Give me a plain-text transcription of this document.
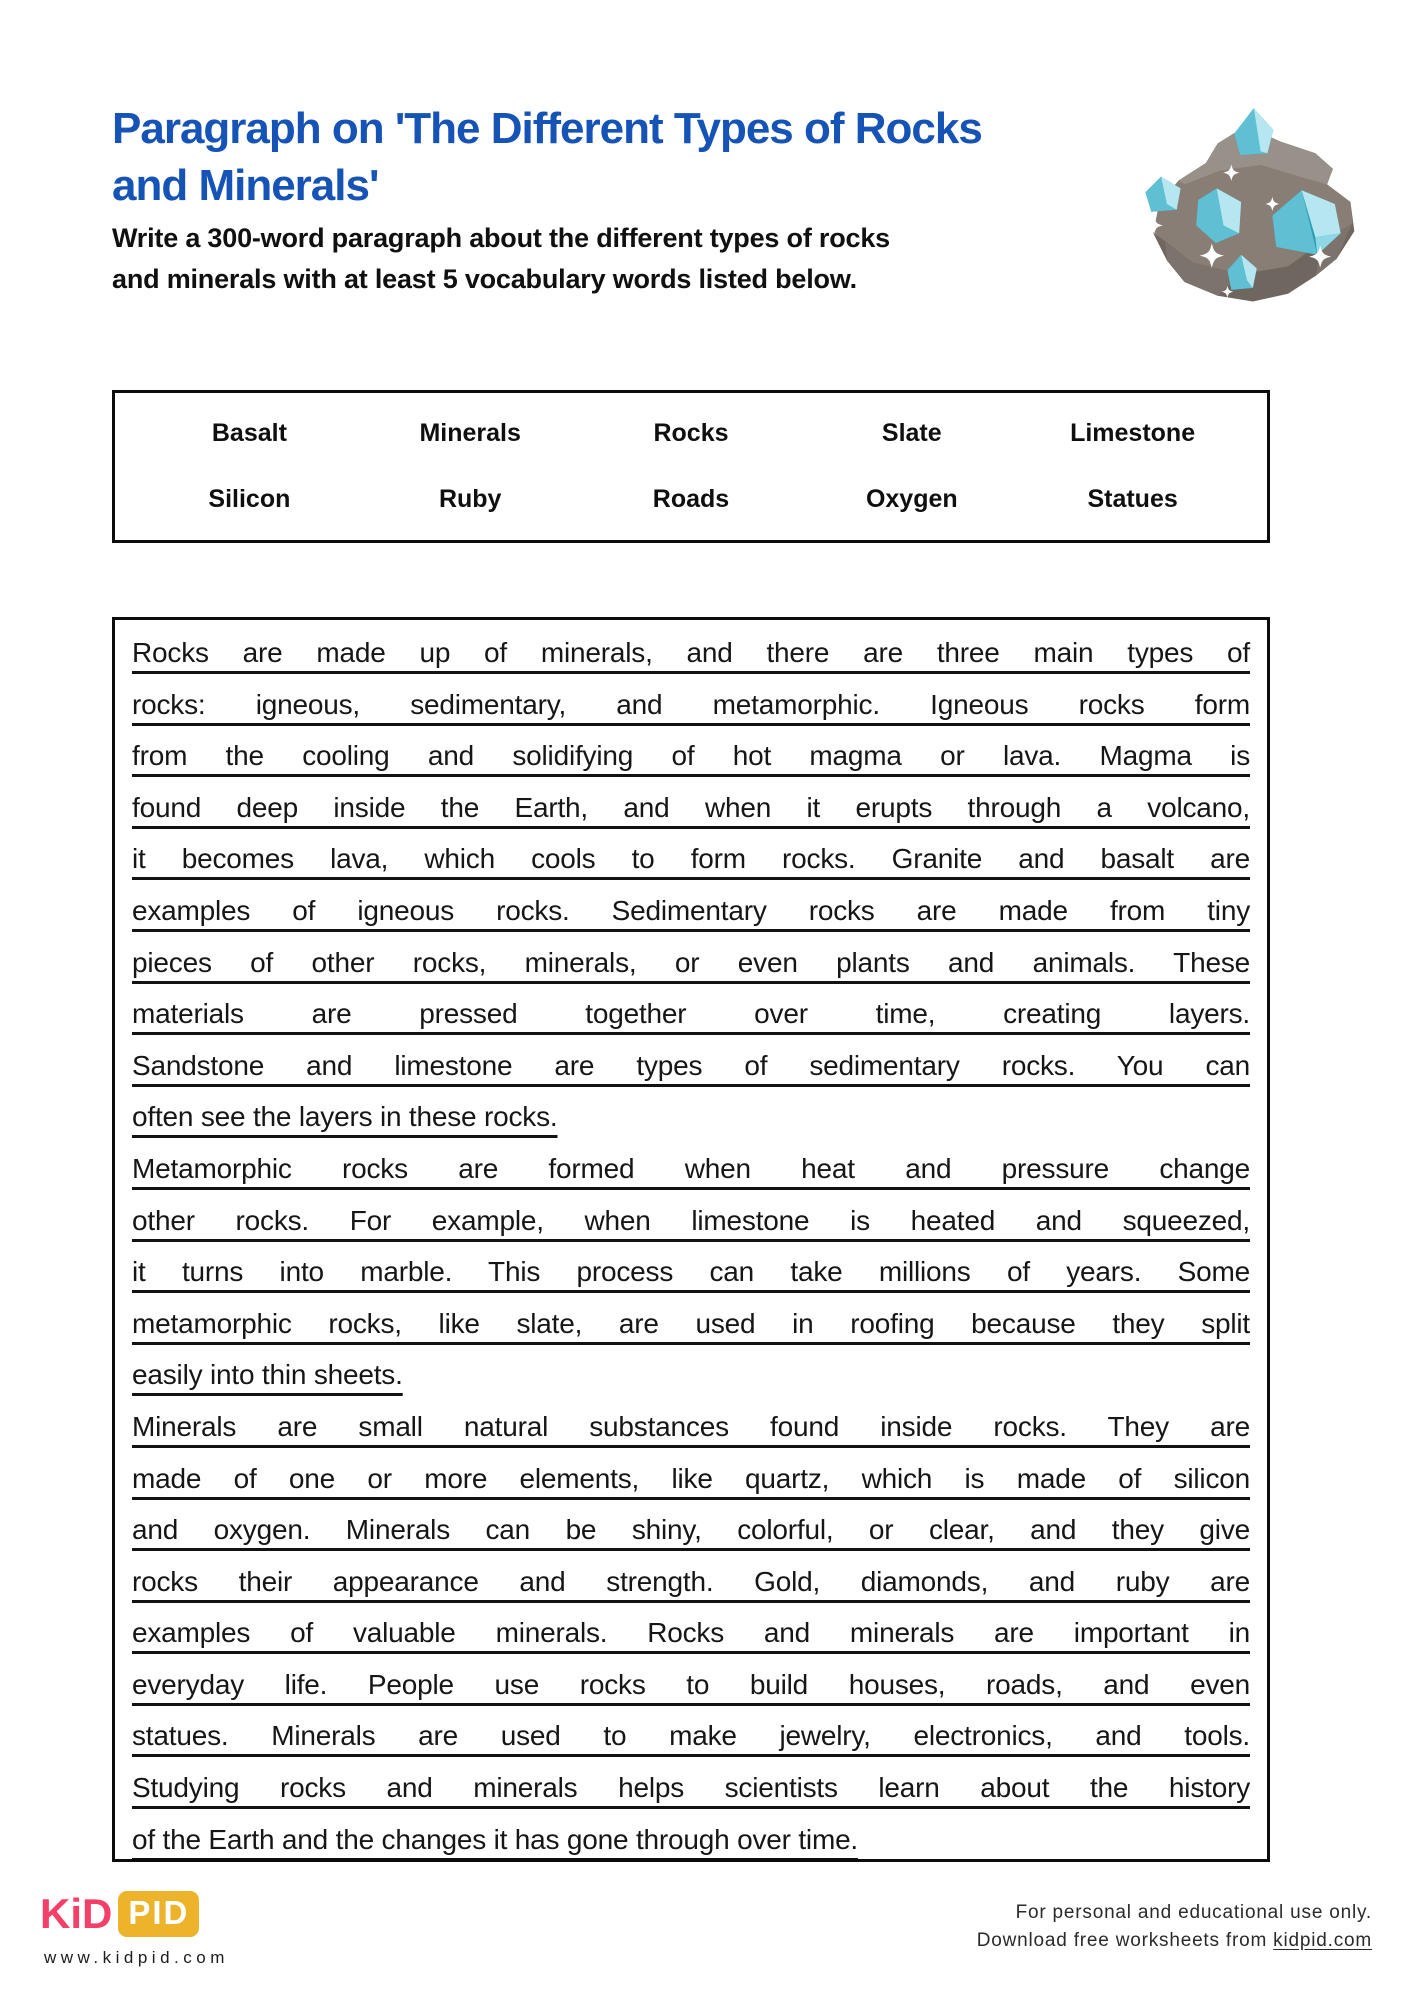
Paragraph on 'The Different Types of Rocks
and Minerals'
Write a 300-word paragraph about the different types of rocks
and minerals with at least 5 vocabulary words listed below.
Basalt	Minerals	Rocks	Slate	Limestone
Silicon	Ruby	Roads	Oxygen	Statues
Rocks are made up of minerals, and there are three main types of
rocks: igneous, sedimentary, and metamorphic. Igneous rocks form
from the cooling and solidifying of hot magma or lava. Magma is
found deep inside the Earth, and when it erupts through a volcano,
it becomes lava, which cools to form rocks. Granite and basalt are
examples of igneous rocks. Sedimentary rocks are made from tiny
pieces of other rocks, minerals, or even plants and animals. These
materials are pressed together over time, creating layers.
Sandstone and limestone are types of sedimentary rocks. You can
often see the layers in these rocks.
Metamorphic rocks are formed when heat and pressure change
other rocks. For example, when limestone is heated and squeezed,
it turns into marble. This process can take millions of years. Some
metamorphic rocks, like slate, are used in roofing because they split
easily into thin sheets.
Minerals are small natural substances found inside rocks. They are
made of one or more elements, like quartz, which is made of silicon
and oxygen. Minerals can be shiny, colorful, or clear, and they give
rocks their appearance and strength. Gold, diamonds, and ruby are
examples of valuable minerals. Rocks and minerals are important in
everyday life. People use rocks to build houses, roads, and even
statues. Minerals are used to make jewelry, electronics, and tools.
Studying rocks and minerals helps scientists learn about the history
of the Earth and the changes it has gone through over time.
KiD PID
www.kidpid.com
For personal and educational use only.
Download free worksheets from kidpid.com
